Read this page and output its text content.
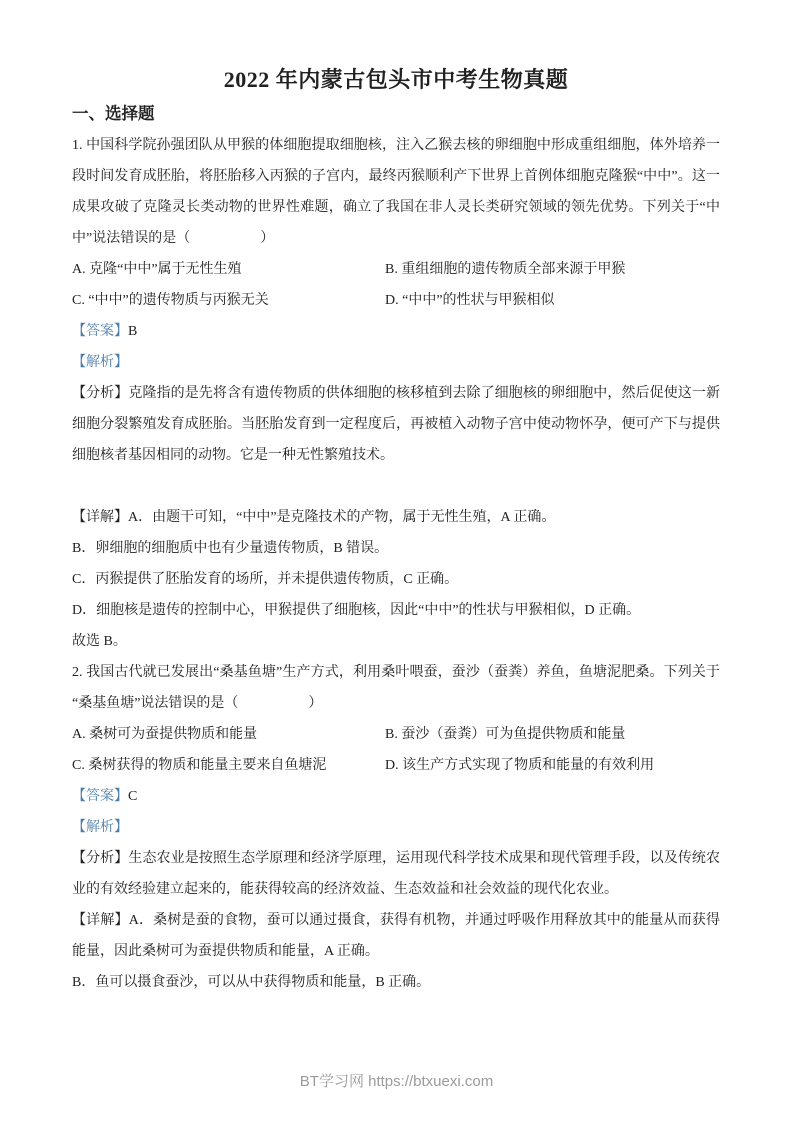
2022 年内蒙古包头市中考生物真题
一、选择题

1. 中国科学院孙强团队从甲猴的体细胞提取细胞核，注入乙猴去核的卵细胞中形成重组细胞，体外培养一段时间发育成胚胎，将胚胎移入丙猴的子宫内，最终丙猴顺利产下世界上首例体细胞克隆猴“中中”。这一成果攻破了克隆灵长类动物的世界性难题，确立了我国在非人灵长类研究领域的领先优势。下列关于“中中”说法错误的是（　　　　　）

A. 克隆“中中”属于无性生殖	B. 重组细胞的遗传物质全部来源于甲猴

C. “中中”的遗传物质与丙猴无关	D. “中中”的性状与甲猴相似

【答案】B

【解析】

【分析】克隆指的是先将含有遗传物质的供体细胞的核移植到去除了细胞核的卵细胞中，然后促使这一新细胞分裂繁殖发育成胚胎。当胚胎发育到一定程度后，再被植入动物子宫中使动物怀孕，便可产下与提供细胞核者基因相同的动物。它是一种无性繁殖技术。

【详解】A．由题干可知，“中中”是克隆技术的产物，属于无性生殖，A 正确。

B．卵细胞的细胞质中也有少量遗传物质，B 错误。

C．丙猴提供了胚胎发育的场所，并未提供遗传物质，C 正确。

D．细胞核是遗传的控制中心，甲猴提供了细胞核，因此“中中”的性状与甲猴相似，D 正确。

故选 B。

2. 我国古代就已发展出“桑基鱼塘”生产方式，利用桑叶喂蚕，蚕沙（蚕粪）养鱼，鱼塘泥肥桑。下列关于“桑基鱼塘”说法错误的是（　　　　　）

A. 桑树可为蚕提供物质和能量	B. 蚕沙（蚕粪）可为鱼提供物质和能量

C. 桑树获得的物质和能量主要来自鱼塘泥	D. 该生产方式实现了物质和能量的有效利用

【答案】C

【解析】

【分析】生态农业是按照生态学原理和经济学原理，运用现代科学技术成果和现代管理手段，以及传统农业的有效经验建立起来的，能获得较高的经济效益、生态效益和社会效益的现代化农业。

【详解】A．桑树是蚕的食物，蚕可以通过摄食，获得有机物，并通过呼吸作用释放其中的能量从而获得能量，因此桑树可为蚕提供物质和能量，A 正确。

B．鱼可以摄食蚕沙，可以从中获得物质和能量，B 正确。

BT学习网 https://btxuexi.com
